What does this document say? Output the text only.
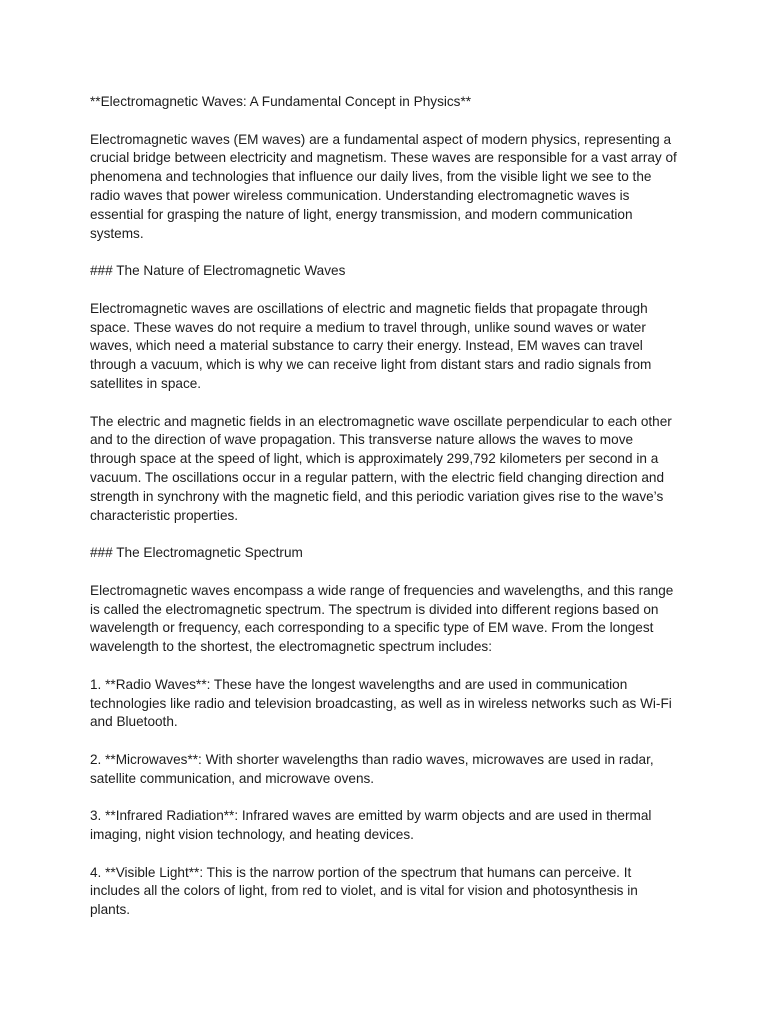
**Electromagnetic Waves: A Fundamental Concept in Physics**

Electromagnetic waves (EM waves) are a fundamental aspect of modern physics, representing a crucial bridge between electricity and magnetism. These waves are responsible for a vast array of phenomena and technologies that influence our daily lives, from the visible light we see to the radio waves that power wireless communication. Understanding electromagnetic waves is essential for grasping the nature of light, energy transmission, and modern communication systems.

### The Nature of Electromagnetic Waves

Electromagnetic waves are oscillations of electric and magnetic fields that propagate through space. These waves do not require a medium to travel through, unlike sound waves or water waves, which need a material substance to carry their energy. Instead, EM waves can travel through a vacuum, which is why we can receive light from distant stars and radio signals from satellites in space.

The electric and magnetic fields in an electromagnetic wave oscillate perpendicular to each other and to the direction of wave propagation. This transverse nature allows the waves to move through space at the speed of light, which is approximately 299,792 kilometers per second in a vacuum. The oscillations occur in a regular pattern, with the electric field changing direction and strength in synchrony with the magnetic field, and this periodic variation gives rise to the wave’s characteristic properties.

### The Electromagnetic Spectrum

Electromagnetic waves encompass a wide range of frequencies and wavelengths, and this range is called the electromagnetic spectrum. The spectrum is divided into different regions based on wavelength or frequency, each corresponding to a specific type of EM wave. From the longest wavelength to the shortest, the electromagnetic spectrum includes:

1. **Radio Waves**: These have the longest wavelengths and are used in communication technologies like radio and television broadcasting, as well as in wireless networks such as Wi-Fi and Bluetooth.

2. **Microwaves**: With shorter wavelengths than radio waves, microwaves are used in radar, satellite communication, and microwave ovens.

3. **Infrared Radiation**: Infrared waves are emitted by warm objects and are used in thermal imaging, night vision technology, and heating devices.

4. **Visible Light**: This is the narrow portion of the spectrum that humans can perceive. It includes all the colors of light, from red to violet, and is vital for vision and photosynthesis in plants.
